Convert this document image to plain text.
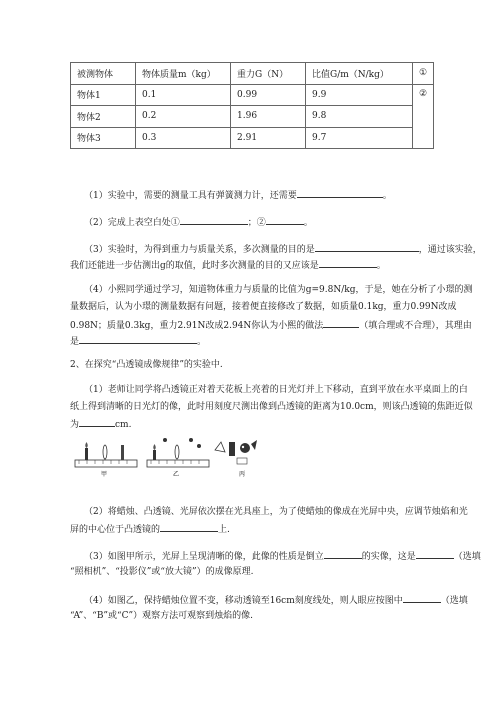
被测物体	物体质量m（kg）	重力G（N）	比值G/m（N/kg）	①
物体1	0.1	0.99	9.9	②
物体2	0.2	1.96	9.8	
物体3	0.3	2.91	9.7	

（1）实验中，需要的测量工具有弹簧测力计，还需要	。

（2）完成上表空白处①	；②	。

（3）实验时，为得到重力与质量关系，多次测量的目的是	，通过该实验，

我们还能进一步估测出g的取值，此时多次测量的目的又应该是	。

（4）小熙同学通过学习，知道物体重力与质量的比值为g=9.8N/kg，于是，她在分析了小璟的测

量数据后，认为小璟的测量数据有问题，接着便直接修改了数据，如质量0.1kg，重力0.99N改成

0.98N；质量0.3kg，重力2.91N改成2.94N你认为小熙的做法	（填合理或不合理），其理由

是	。

2、在探究“凸透镜成像规律”的实验中.

（1）老师让同学将凸透镜正对着天花板上亮着的日光灯并上下移动，直到平放在水平桌面上的白

纸上得到清晰的日光灯的像，此时用刻度尺测出像到凸透镜的距离为10.0cm，则该凸透镜的焦距近似

为	cm.

甲	乙	丙

（2）将蜡烛、凸透镜、光屏依次摆在光具座上，为了使蜡烛的像成在光屏中央，应调节烛焰和光

屏的中心位于凸透镜的	上.

（3）如图甲所示，光屏上呈现清晰的像，此像的性质是倒立	的实像，这是	（选填

“照相机”、“投影仪”或“放大镜”）的成像原理.

（4）如图乙，保持蜡烛位置不变，移动透镜至16cm刻度线处，则人眼应按图中	（选填

“A”、“B”或“C”）观察方法可观察到烛焰的像.
